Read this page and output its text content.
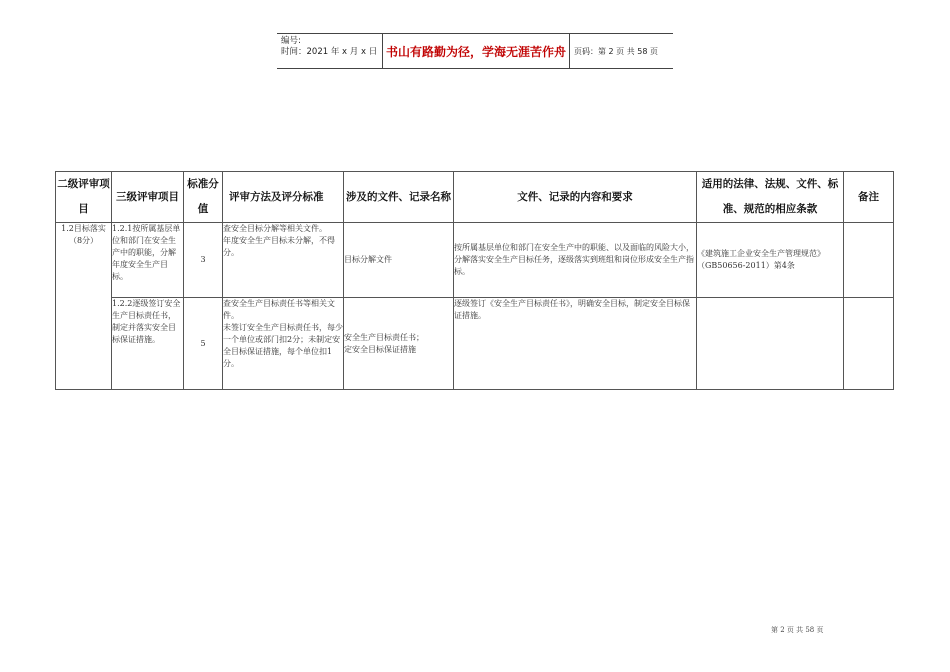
编号:
时间：2021 年 x 月 x 日 书山有路勤为径，学海无涯苦作舟	页码：第 2 页 共 58 页
二级评审项目	三级评审项目	标准分值	评审方法及评分标准	涉及的文件、记录名称	文件、记录的内容和要求	适用的法律、法规、文件、标准、规范的相应条款	备注
1.2目标落实（8分）	1.2.1按所属基层单位和部门在安全生产中的职能，分解年度安全生产目标。	3	查安全目标分解等相关文件。
年度安全生产目标未分解，不得分。	目标分解文件	按所属基层单位和部门在安全生产中的职能、以及面临的风险大小，分解落实安全生产目标任务，逐级落实到班组和岗位形成安全生产指标。	《建筑施工企业安全生产管理规范》（GB50656-2011）第4条	
	1.2.2逐级签订安全生产目标责任书，制定并落实安全目标保证措施。	5	查安全生产目标责任书等相关文件。
未签订安全生产目标责任书，每少一个单位或部门扣2分；未制定安全目标保证措施，每个单位扣1分。	安全生产目标责任书；
定安全目标保证措施	逐级签订《安全生产目标责任书》，明确安全目标，制定安全目标保证措施。		
第 2 页 共 58 页
